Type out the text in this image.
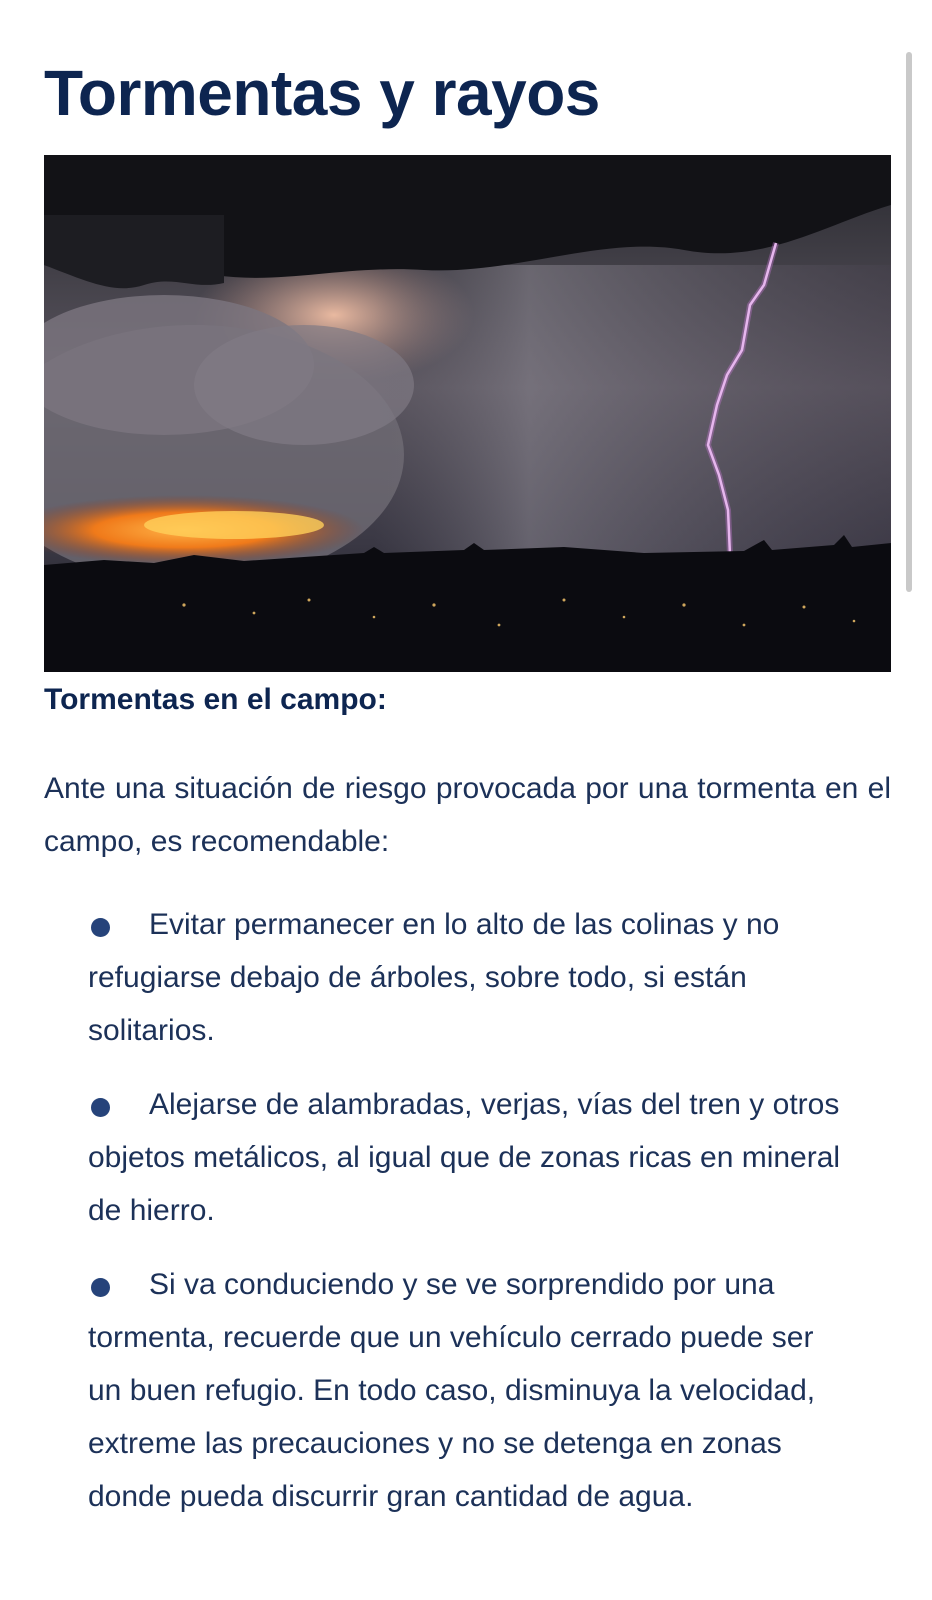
Tormentas y rayos
Tormentas en el campo:

Ante una situación de riesgo provocada por una tormenta en el campo, es recomendable:

Evitar permanecer en lo alto de las colinas y no refugiarse debajo de árboles, sobre todo, si están solitarios.
Alejarse de alambradas, verjas, vías del tren y otros objetos metálicos, al igual que de zonas ricas en mineral de hierro.
Si va conduciendo y se ve sorprendido por una tormenta, recuerde que un vehículo cerrado puede ser un buen refugio. En todo caso, disminuya la velocidad, extreme las precauciones y no se detenga en zonas donde pueda discurrir gran cantidad de agua.
